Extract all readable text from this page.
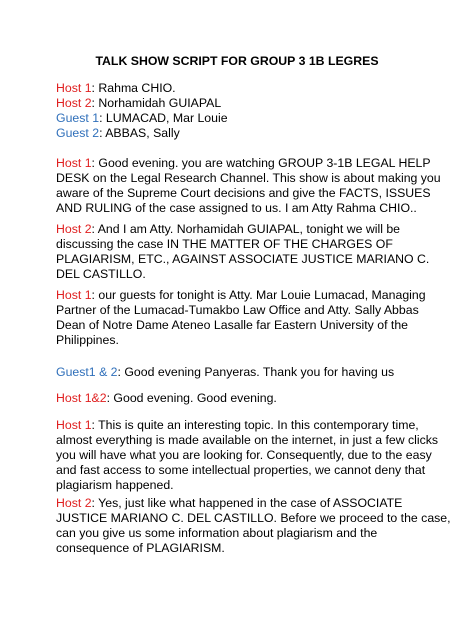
TALK SHOW SCRIPT FOR GROUP 3 1B LEGRES
Host 1: Rahma CHIO.
Host 2: Norhamidah GUIAPAL
Guest 1: LUMACAD, Mar Louie
Guest 2: ABBAS, Sally
Host 1: Good evening. you are watching GROUP 3-1B LEGAL HELP
DESK on the Legal Research Channel. This show is about making you
aware of the Supreme Court decisions and give the FACTS, ISSUES
AND RULING of the case assigned to us. I am Atty Rahma CHIO..
Host 2: And I am Atty. Norhamidah GUIAPAL, tonight we will be
discussing the case IN THE MATTER OF THE CHARGES OF
PLAGIARISM, ETC., AGAINST ASSOCIATE JUSTICE MARIANO C.
DEL CASTILLO.
Host 1: our guests for tonight is Atty. Mar Louie Lumacad, Managing
Partner of the Lumacad-Tumakbo Law Office and Atty. Sally Abbas
Dean of Notre Dame Ateneo Lasalle far Eastern University of the
Philippines.
Guest1 & 2: Good evening Panyeras. Thank you for having us
Host 1&2: Good evening. Good evening.
Host 1: This is quite an interesting topic. In this contemporary time,
almost everything is made available on the internet, in just a few clicks
you will have what you are looking for. Consequently, due to the easy
and fast access to some intellectual properties, we cannot deny that
plagiarism happened.
Host 2: Yes, just like what happened in the case of ASSOCIATE
JUSTICE MARIANO C. DEL CASTILLO. Before we proceed to the case,
can you give us some information about plagiarism and the
consequence of PLAGIARISM.
